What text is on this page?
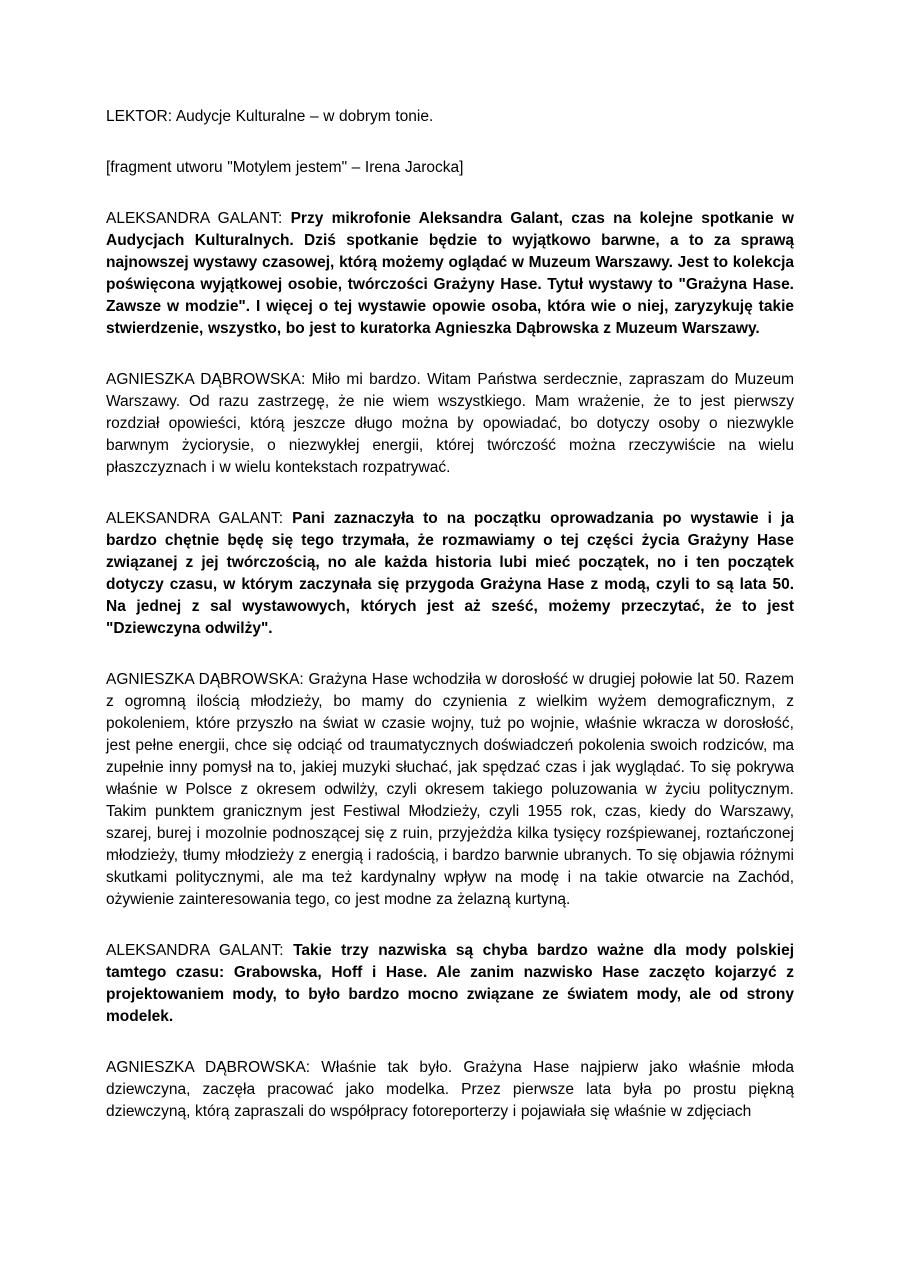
LEKTOR: Audycje Kulturalne – w dobrym tonie.

[fragment utworu "Motylem jestem" – Irena Jarocka]

ALEKSANDRA GALANT: Przy mikrofonie Aleksandra Galant, czas na kolejne spotkanie w Audycjach Kulturalnych. Dziś spotkanie będzie to wyjątkowo barwne, a to za sprawą najnowszej wystawy czasowej, którą możemy oglądać w Muzeum Warszawy. Jest to kolekcja poświęcona wyjątkowej osobie, twórczości Grażyny Hase. Tytuł wystawy to "Grażyna Hase. Zawsze w modzie". I więcej o tej wystawie opowie osoba, która wie o niej, zaryzykuję takie stwierdzenie, wszystko, bo jest to kuratorka Agnieszka Dąbrowska z Muzeum Warszawy.

AGNIESZKA DĄBROWSKA: Miło mi bardzo. Witam Państwa serdecznie, zapraszam do Muzeum Warszawy. Od razu zastrzegę, że nie wiem wszystkiego. Mam wrażenie, że to jest pierwszy rozdział opowieści, którą jeszcze długo można by opowiadać, bo dotyczy osoby o niezwykle barwnym życiorysie, o niezwykłej energii, której twórczość można rzeczywiście na wielu płaszczyznach i w wielu kontekstach rozpatrywać.

ALEKSANDRA GALANT: Pani zaznaczyła to na początku oprowadzania po wystawie i ja bardzo chętnie będę się tego trzymała, że rozmawiamy o tej części życia Grażyny Hase związanej z jej twórczością, no ale każda historia lubi mieć początek, no i ten początek dotyczy czasu, w którym zaczynała się przygoda Grażyna Hase z modą, czyli to są lata 50. Na jednej z sal wystawowych, których jest aż sześć, możemy przeczytać, że to jest "Dziewczyna odwilży".

AGNIESZKA DĄBROWSKA: Grażyna Hase wchodziła w dorosłość w drugiej połowie lat 50. Razem z ogromną ilością młodzieży, bo mamy do czynienia z wielkim wyżem demograficznym, z pokoleniem, które przyszło na świat w czasie wojny, tuż po wojnie, właśnie wkracza w dorosłość, jest pełne energii, chce się odciąć od traumatycznych doświadczeń pokolenia swoich rodziców, ma zupełnie inny pomysł na to, jakiej muzyki słuchać, jak spędzać czas i jak wyglądać. To się pokrywa właśnie w Polsce z okresem odwilży, czyli okresem takiego poluzowania w życiu politycznym. Takim punktem granicznym jest Festiwal Młodzieży, czyli 1955 rok, czas, kiedy do Warszawy, szarej, burej i mozolnie podnoszącej się z ruin, przyjeżdża kilka tysięcy rozśpiewanej, roztańczonej młodzieży, tłumy młodzieży z energią i radością, i bardzo barwnie ubranych. To się objawia różnymi skutkami politycznymi, ale ma też kardynalny wpływ na modę i na takie otwarcie na Zachód, ożywienie zainteresowania tego, co jest modne za żelazną kurtyną.

ALEKSANDRA GALANT: Takie trzy nazwiska są chyba bardzo ważne dla mody polskiej tamtego czasu: Grabowska, Hoff i Hase. Ale zanim nazwisko Hase zaczęto kojarzyć z projektowaniem mody, to było bardzo mocno związane ze światem mody, ale od strony modelek.

AGNIESZKA DĄBROWSKA: Właśnie tak było. Grażyna Hase najpierw jako właśnie młoda dziewczyna, zaczęła pracować jako modelka. Przez pierwsze lata była po prostu piękną dziewczyną, którą zapraszali do współpracy fotoreporterzy i pojawiała się właśnie w zdjęciach
